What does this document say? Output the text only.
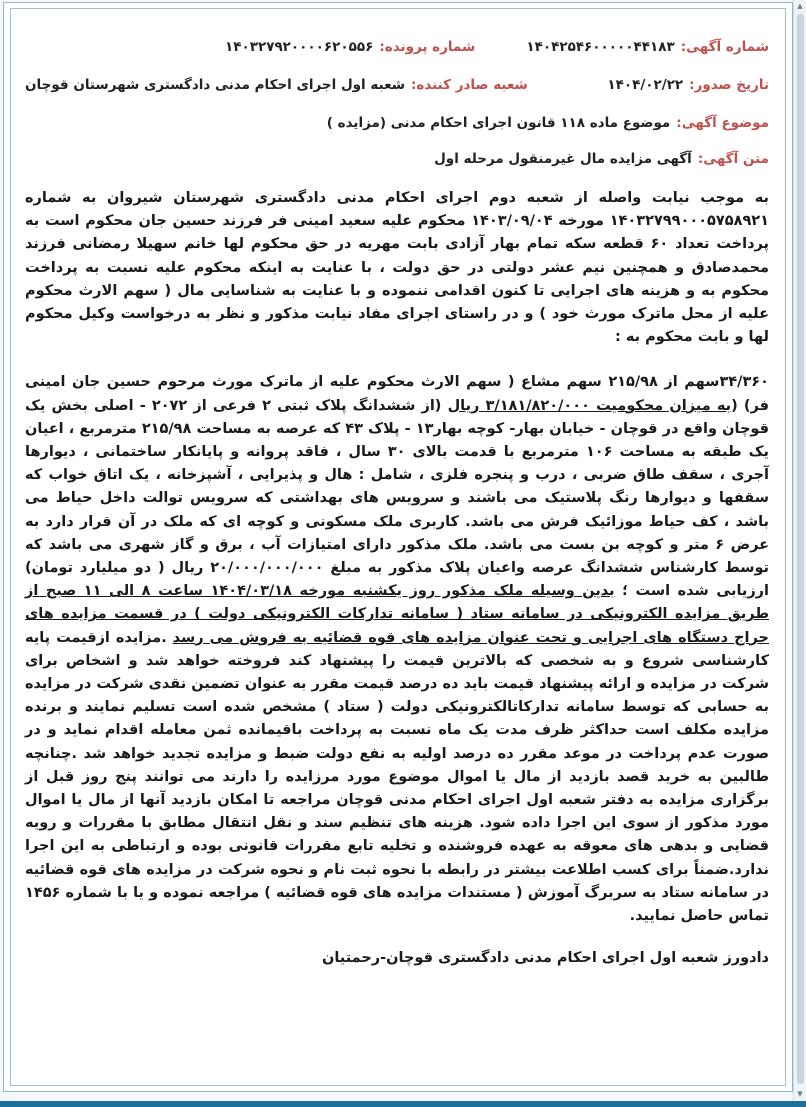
شماره آگهی:۱۴۰۴۲۵۴۶۰۰۰۰۰۴۴۱۸۳
شماره پرونده:۱۴۰۳۲۷۹۲۰۰۰۰۶۲۰۵۵۶
تاریخ صدور:۱۴۰۴/۰۲/۲۲
شعبه صادر کننده:شعبه اول اجرای احکام مدنی دادگستری شهرستان قوچان
موضوع آگهی:موضوع ماده ۱۱۸ قانون اجرای احکام مدنی (مزایده )
متن آگهی:آگهی مزایده مال غیرمنقول مرحله اول

به موجب نیابت واصله از شعبه دوم اجرای احکام مدنی دادگستری شهرستان شیروان به شماره ۱۴۰۳۲۷۹۹۰۰۰۵۷۵۸۹۲۱ مورخه ۱۴۰۳/۰۹/۰۴ محکوم علیه سعید امینی فر فرزند حسین جان محکوم است به پرداخت تعداد ۶۰ قطعه سکه تمام بهار آزادی بابت مهریه در حق محکوم لها خانم سهیلا رمضانی فرزند محمدصادق و همچنین نیم عشر دولتی در حق دولت ، با عنایت به اینکه محکوم علیه نسبت به پرداخت محکوم به و هزینه های اجرایی تا کنون اقدامی ننموده و با عنایت به شناسایی مال ( سهم الارث محکوم علیه از محل ماترک مورث خود ) و در راستای اجرای مفاد نیابت مذکور و نظر به درخواست وکیل محکوم لها و بابت محکوم به :

۳۴/۳۶۰سهم از ۲۱۵/۹۸ سهم مشاع ( سهم الارث محکوم علیه از ماترک مورث مرحوم حسین جان امینی فر) (به میزان محکومیت ۳/۱۸۱/۸۲۰/۰۰۰ ریال (از ششدانگ پلاک ثبتی ۲ فرعی از ۲۰۷۲ - اصلی بخش یک قوچان واقع در قوچان - خیابان بهار- کوچه بهار۱۳ - پلاک ۴۳ که عرصه به مساحت ۲۱۵/۹۸ مترمربع ، اعیان یک طبقه به مساحت ۱۰۶ مترمربع با قدمت بالای ۳۰ سال ، فاقد پروانه و پایانکار ساختمانی ، دیوارها آجری ، سقف طاق ضربی ، درب و پنجره فلزی ، شامل : هال و پذیرایی ، آشپزخانه ، یک اتاق خواب که سقفها و دیوارها رنگ پلاستیک می باشند و سرویس های بهداشتی که سرویس توالت داخل حیاط می باشد ، کف حیاط موزائیک فرش می باشد. کاربری ملک مسکونی و کوچه ای که ملک در آن قرار دارد به عرض ۶ متر و کوچه بن بست می باشد. ملک مذکور دارای امتیازات آب ، برق و گاز شهری می باشد که توسط کارشناس ششدانگ عرصه واعیان پلاک مذکور به مبلغ ۲۰/۰۰۰/۰۰۰/۰۰۰ ریال ( دو میلیارد تومان) ارزیابی شده است ؛ بدین وسیله ملک مذکور روز یکشنبه مورخه ۱۴۰۴/۰۳/۱۸ ساعت ۸ الی ۱۱ صبح از طریق مزایده الکترونیکی در سامانه ستاد ( سامانه تدارکات الکترونیکی دولت ) در قسمت مزایده های حراج دستگاه های اجرایی و تحت عنوان مزایده های قوه قضائیه به فروش می رسد .مزایده ازقیمت پایه کارشناسی شروع و به شخصی که بالاترین قیمت را پیشنهاد کند فروخته خواهد شد و اشخاص برای شرکت در مزایده و ارائه پیشنهاد قیمت باید ده درصد قیمت مقرر به عنوان تضمین نقدی شرکت در مزایده به حسابی که توسط سامانه تدارکاتالکترونیکی دولت ( ستاد ) مشخص شده است تسلیم نمایند و برنده مزایده مکلف است حداکثر ظرف مدت یک ماه نسبت به پرداخت باقیمانده ثمن معامله اقدام نماید و در صورت عدم پرداخت در موعد مقرر ده درصد اولیه به نفع دولت ضبط و مزایده تجدید خواهد شد .چنانچه طالبین به خرید قصد بازدید از مال یا اموال موضوع مورد مرزایده را دارند می توانند پنج روز قبل از برگزاری مزایده به دفتر شعبه اول اجرای احکام مدنی قوچان مراجعه تا امکان بازدید آنها از مال یا اموال مورد مذکور از سوی این اجرا داده شود. هزینه های تنظیم سند و نقل انتقال مطابق با مقررات و رویه قضایی و بدهی های معوقه به عهده فروشنده و تخلیه تابع مقررات قانونی بوده و ارتباطی به این اجرا ندارد.ضمناً برای کسب اطلاعت بیشتر در رابطه با نحوه ثبت نام و نحوه شرکت در مزایده های قوه قضائیه در سامانه ستاد به سربرگ آموزش ( مستندات مزایده های قوه قضائیه ) مراجعه نموده و یا با شماره ۱۴۵۶ تماس حاصل نمایید.

دادورز شعبه اول اجرای احکام مدنی دادگستری قوچان-رحمتیان
▲
▼
